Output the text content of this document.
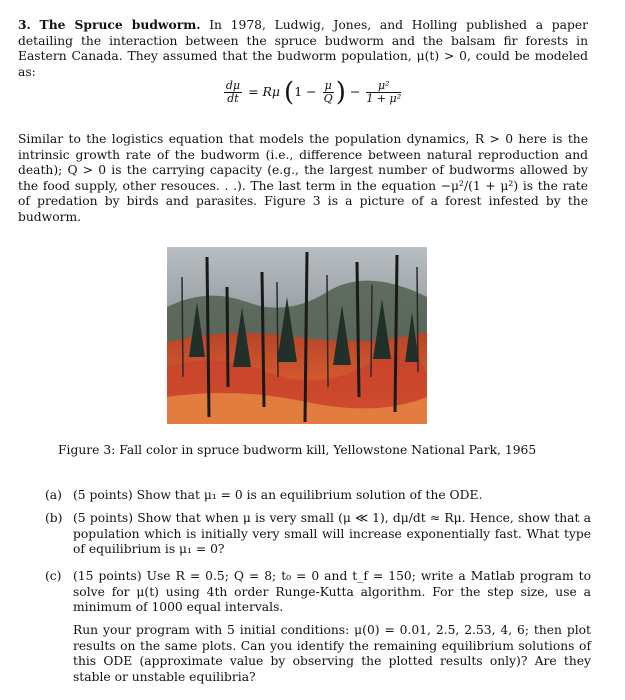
3. The Spruce budworm. In 1978, Ludwig, Jones, and Holling published a paper detailing the interaction between the spruce budworm and the balsam fir forests in Eastern Canada. They assumed that the budworm population, μ(t) > 0, could be modeled as:
$\frac{d\mu}{dt} = R\mu$ ($1 - \frac{\mu}{Q}$ ) − $\frac{\text{μ²}}{\text{1 + μ²}}$
Similar to the logistics equation that models the population dynamics, R > 0 here is the intrinsic growth rate of the budworm (i.e., difference between natural reproduction and death); Q > 0 is the carrying capacity (e.g., the largest number of budworms allowed by the food supply, other resouces. . .). The last term in the equation −μ²/(1 + μ²) is the rate of predation by birds and parasites. Figure 3 is a picture of a forest infested by the budworm.
Figure 3: Fall color in spruce budworm kill, Yellowstone National Park, 1965
(a) (5 points) Show that μ₁ = 0 is an equilibrium solution of the ODE.
(b) (5 points) Show that when μ is very small (μ ≪ 1), dμ/dt ≈ Rμ. Hence, show that a population which is initially very small will increase exponentially fast. What type of equilibrium is μ₁ = 0?
(c) (15 points) Use R = 0.5; Q = 8; t₀ = 0 and t_f = 150; write a Matlab program to solve for μ(t) using 4th order Runge-Kutta algorithm. For the step size, use a minimum of 1000 equal intervals.
Run your program with 5 initial conditions: μ(0) = 0.01, 2.5, 2.53, 4, 6; then plot results on the same plots. Can you identify the remaining equilibrium solutions of this ODE (approximate value by observing the plotted results only)? Are they stable or unstable equilibria?
